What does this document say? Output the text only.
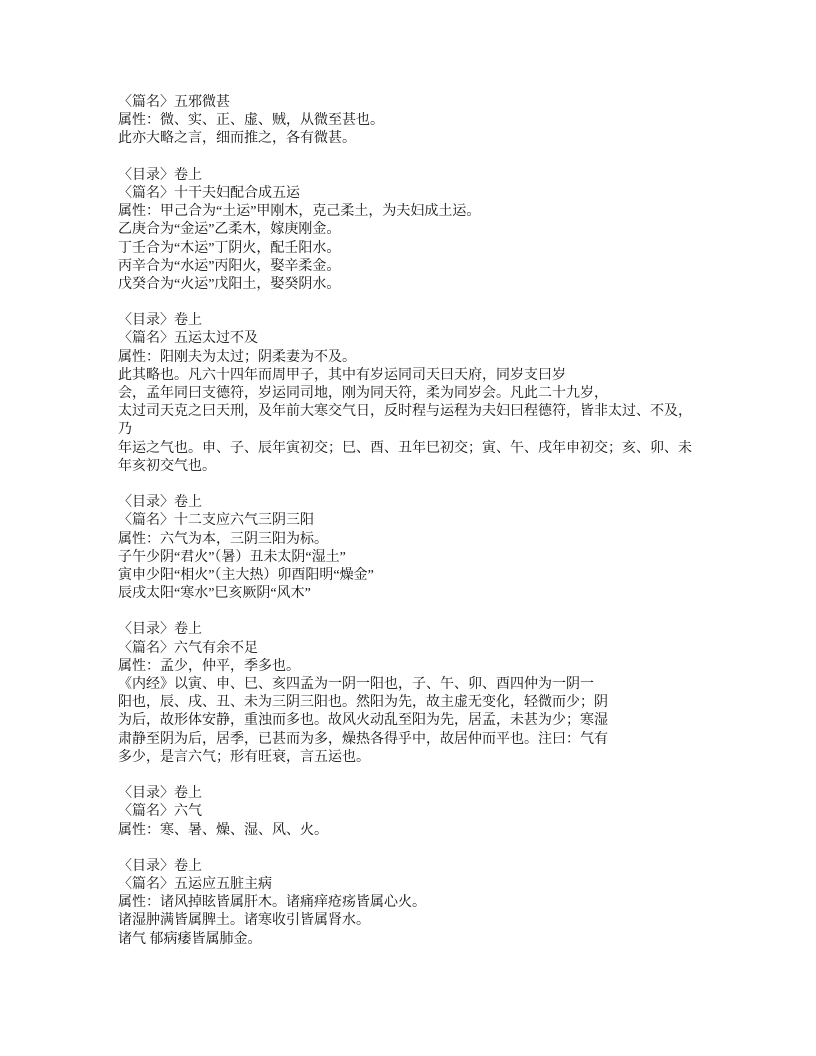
〈篇名〉五邪微甚
属性：微、实、正、虚、贼，从微至甚也。
此亦大略之言，细而推之，各有微甚。
〈目录〉卷上
〈篇名〉十干夫妇配合成五运
属性：甲己合为“土运”甲刚木，克己柔土，为夫妇成土运。
乙庚合为“金运”乙柔木，嫁庚刚金。
丁壬合为“木运”丁阴火，配壬阳水。
丙辛合为“水运”丙阳火，娶辛柔金。
戊癸合为“火运”戊阳土，娶癸阴水。
〈目录〉卷上
〈篇名〉五运太过不及
属性：阳刚夫为太过；阴柔妻为不及。
此其略也。凡六十四年而周甲子，其中有岁运同司天曰天府，同岁支曰岁
会，孟年同曰支德符，岁运同司地，刚为同天符，柔为同岁会。凡此二十九岁，
太过司天克之曰天刑，及年前大寒交气日，反时程与运程为夫妇曰程德符，皆非太过、不及，
乃
年运之气也。申、子、辰年寅初交；巳、酉、丑年巳初交；寅、午、戌年申初交；亥、卯、未
年亥初交气也。
〈目录〉卷上
〈篇名〉十二支应六气三阴三阳
属性：六气为本，三阴三阳为标。
子午少阴“君火”（暑）丑未太阴“湿土”
寅申少阳“相火”（主大热）卯酉阳明“燥金”
辰戌太阳“寒水”巳亥厥阴“风木”
〈目录〉卷上
〈篇名〉六气有余不足
属性：孟少，仲平，季多也。
《内经》以寅、申、巳、亥四孟为一阴一阳也，子、午、卯、酉四仲为一阴一
阳也，辰、戌、丑、未为三阴三阳也。然阳为先，故主虚无变化，轻微而少；阴
为后，故形体安静，重浊而多也。故风火动乱至阳为先，居孟，未甚为少；寒湿
肃静至阴为后，居季，已甚而为多，燥热各得乎中，故居仲而平也。注曰：气有
多少，是言六气；形有旺衰，言五运也。
〈目录〉卷上
〈篇名〉六气
属性：寒、暑、燥、湿、风、火。
〈目录〉卷上
〈篇名〉五运应五脏主病
属性：诸风掉眩皆属肝木。诸痛痒疮疡皆属心火。
诸湿肿满皆属脾土。诸寒收引皆属肾水。
诸气 郁病痿皆属肺金。
